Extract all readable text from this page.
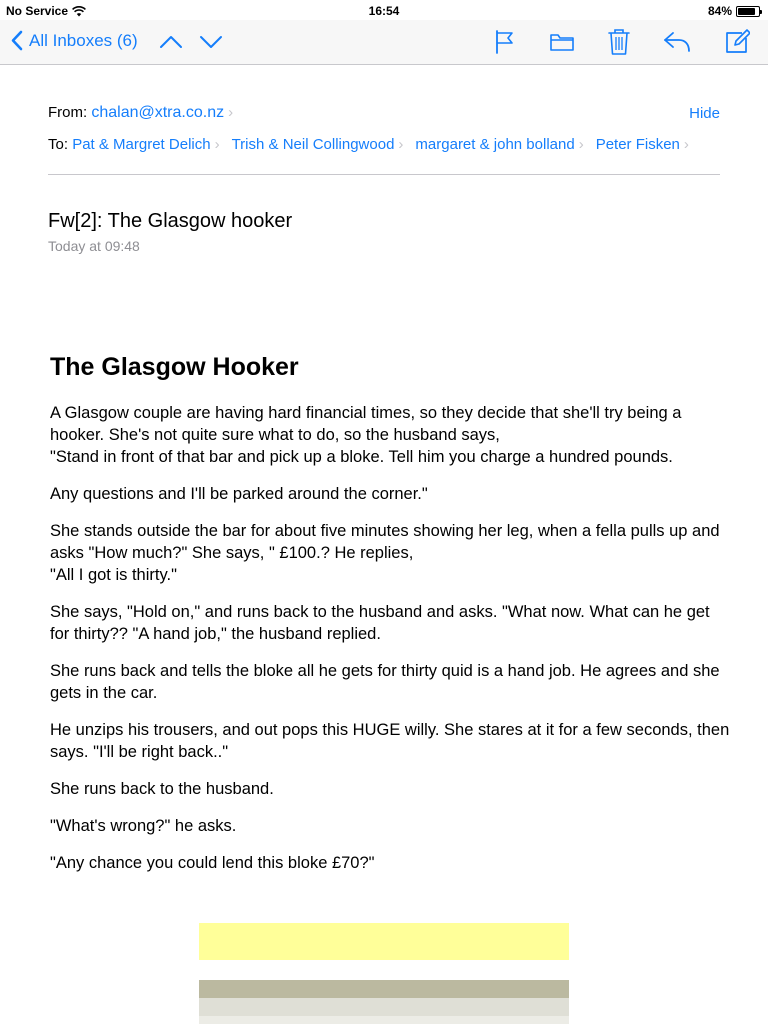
No Service	16:54	84%
All Inboxes (6)
From: chalan@xtra.co.nz ›	Hide
To: Pat & Margret Delich › Trish & Neil Collingwood › margaret & john bolland › Peter Fisken ›
Fw[2]: The Glasgow hooker
Today at 09:48
The Glasgow Hooker
A Glasgow couple are having hard financial times, so they decide that she'll try being a hooker. She's not quite sure what to do, so the husband says,
"Stand in front of that bar and pick up a bloke. Tell him you charge a hundred pounds.
Any questions and I'll be parked around the corner."
She stands outside the bar for about five minutes showing her leg, when a fella pulls up and asks "How much?" She says, " £100.? He replies,
"All I got is thirty."
She says, "Hold on," and runs back to the husband and asks. "What now. What can he get for thirty?? "A hand job," the husband replied.
She runs back and tells the bloke all he gets for thirty quid is a hand job. He agrees and she gets in the car.
He unzips his trousers, and out pops this HUGE willy. She stares at it for a few seconds, then says. "I'll be right back.."
She runs back to the husband.
"What's wrong?" he asks.
"Any chance you could lend this bloke £70?"
